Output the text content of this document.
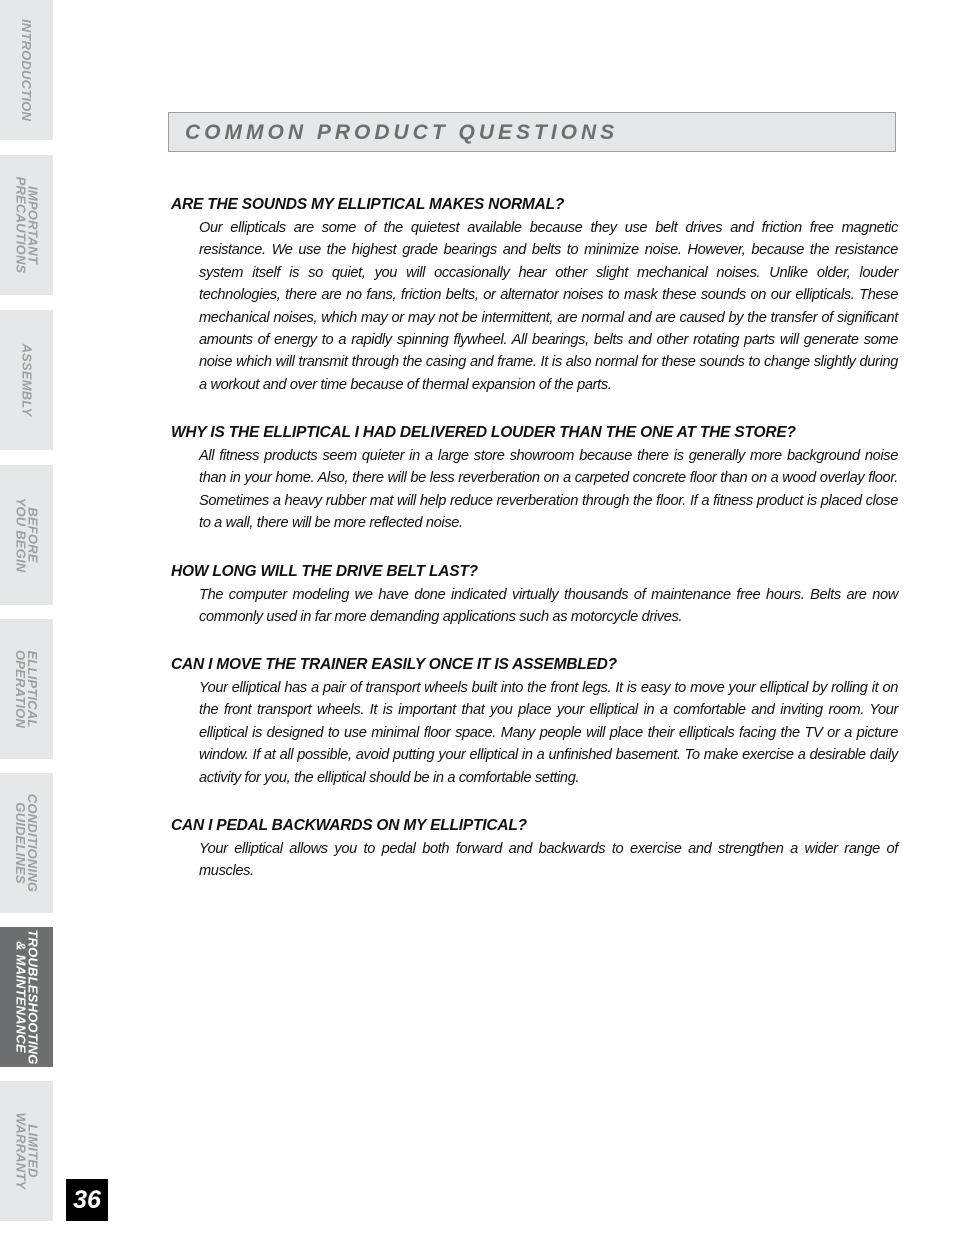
INTRODUCTION
IMPORTANT
PRECAUTIONS
ASSEMBLY
BEFORE
YOU BEGIN
ELLIPTICAL
OPERATION
CONDITIONING
GUIDELINES
TROUBLESHOOTING
& MAINTENANCE
LIMITED
WARRANTY
36
COMMON PRODUCT QUESTIONS

ARE THE SOUNDS MY ELLIPTICAL MAKES NORMAL?

Our ellipticals are some of the quietest available because they use belt drives and friction free magnetic resistance. We use the highest grade bearings and belts to minimize noise. However, because the resistance system itself is so quiet, you will occasionally hear other slight mechanical noises. Unlike older, louder technologies, there are no fans, friction belts, or alternator noises to mask these sounds on our ellipticals. These mechanical noises, which may or may not be intermittent, are normal and are caused by the transfer of significant amounts of energy to a rapidly spinning flywheel. All bearings, belts and other rotating parts will generate some noise which will transmit through the casing and frame. It is also normal for these sounds to change slightly during a workout and over time because of thermal expansion of the parts.

WHY IS THE ELLIPTICAL I HAD DELIVERED LOUDER THAN THE ONE AT THE STORE?

All fitness products seem quieter in a large store showroom because there is generally more background noise than in your home. Also, there will be less reverberation on a carpeted concrete floor than on a wood overlay floor. Sometimes a heavy rubber mat will help reduce reverberation through the floor. If a fitness product is placed close to a wall, there will be more reflected noise.

HOW LONG WILL THE DRIVE BELT LAST?

The computer modeling we have done indicated virtually thousands of maintenance free hours. Belts are now commonly used in far more demanding applications such as motorcycle drives.

CAN I MOVE THE TRAINER EASILY ONCE IT IS ASSEMBLED?

Your elliptical has a pair of transport wheels built into the front legs. It is easy to move your elliptical by rolling it on the front transport wheels. It is important that you place your elliptical in a comfortable and inviting room. Your elliptical is designed to use minimal floor space. Many people will place their ellipticals facing the TV or a picture window. If at all possible, avoid putting your elliptical in a unfinished basement. To make exercise a desirable daily activity for you, the elliptical should be in a comfortable setting.

CAN I PEDAL BACKWARDS ON MY ELLIPTICAL?

Your elliptical allows you to pedal both forward and backwards to exercise and strengthen a wider range of muscles.
